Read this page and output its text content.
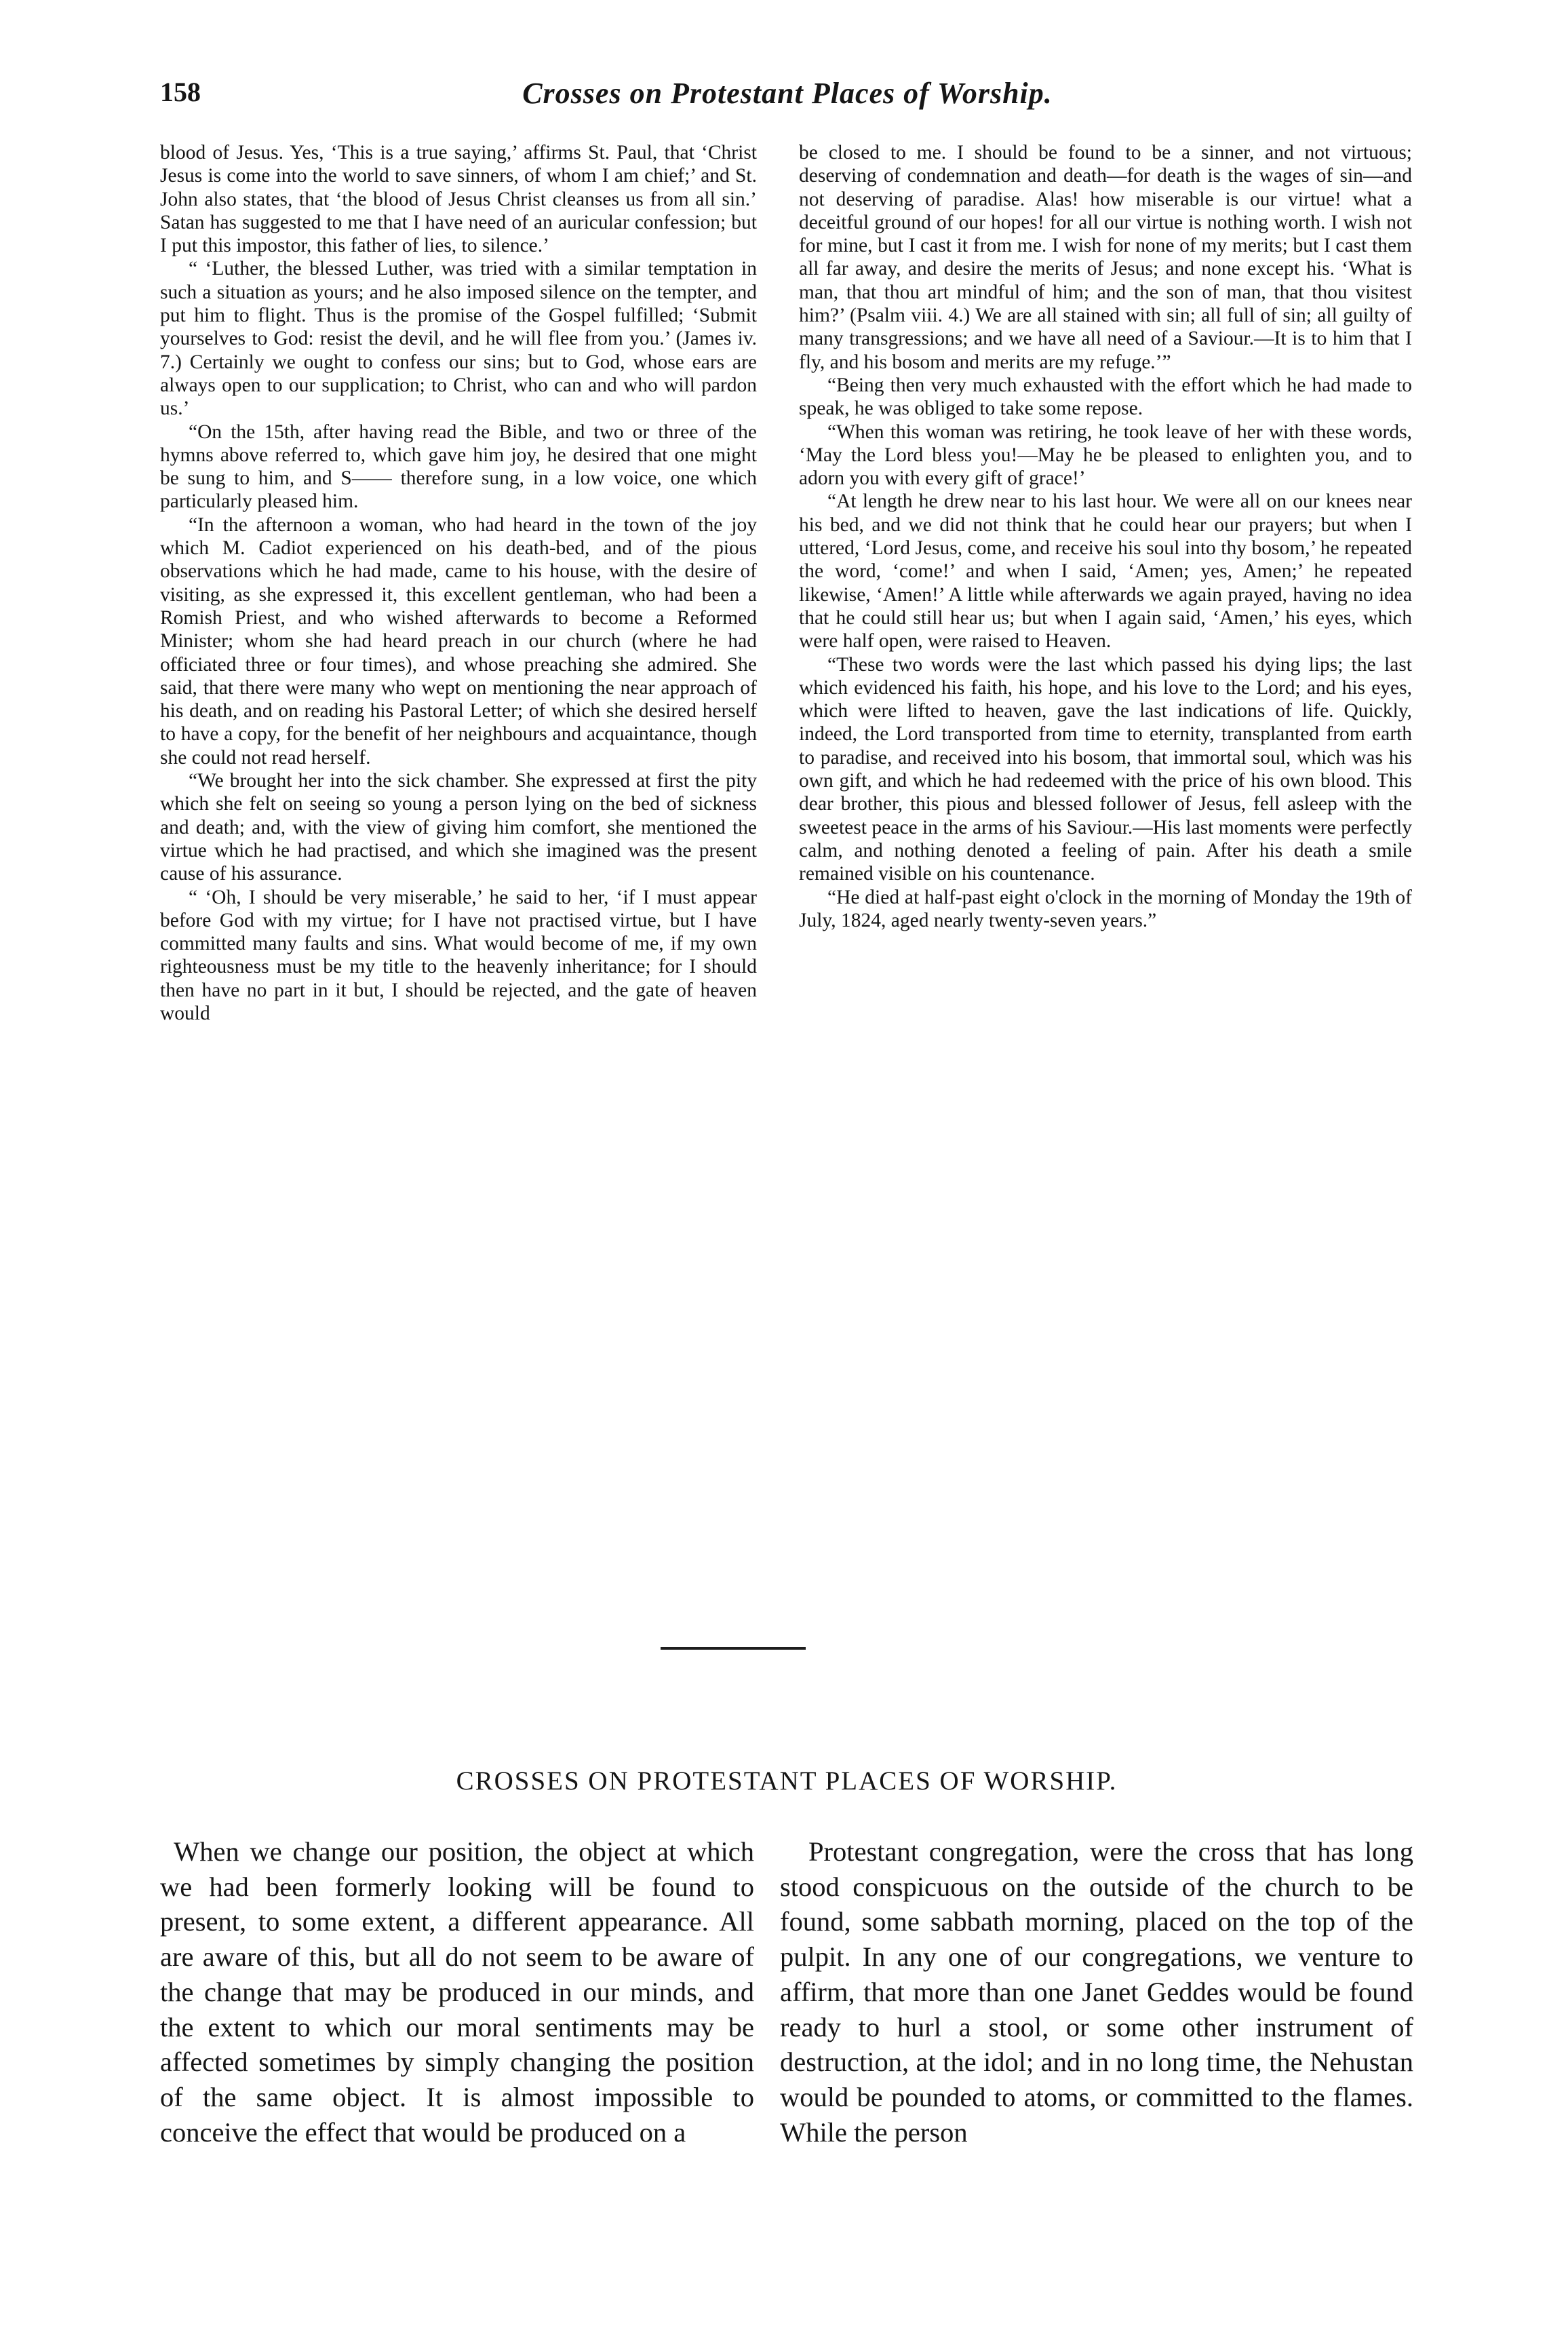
158	Crosses on Protestant Places of Worship.

blood of Jesus. Yes, ‘This is a true saying,’ affirms St. Paul, that ‘Christ Jesus is come into the world to save sinners, of whom I am chief;’ and St. John also states, that ‘the blood of Jesus Christ cleanses us from all sin.’ Satan has suggested to me that I have need of an auricular confession; but I put this impostor, this father of lies, to silence.’

“ ‘Luther, the blessed Luther, was tried with a similar temptation in such a situation as yours; and he also imposed silence on the tempter, and put him to flight. Thus is the promise of the Gospel fulfilled; ‘Submit yourselves to God: resist the devil, and he will flee from you.’ (James iv. 7.) Certainly we ought to confess our sins; but to God, whose ears are always open to our supplication; to Christ, who can and who will pardon us.’

“On the 15th, after having read the Bible, and two or three of the hymns above referred to, which gave him joy, he desired that one might be sung to him, and S—— therefore sung, in a low voice, one which particularly pleased him.

“In the afternoon a woman, who had heard in the town of the joy which M. Cadiot experienced on his death-bed, and of the pious observations which he had made, came to his house, with the desire of visiting, as she expressed it, this excellent gentleman, who had been a Romish Priest, and who wished afterwards to become a Reformed Minister; whom she had heard preach in our church (where he had officiated three or four times), and whose preaching she admired. She said, that there were many who wept on mentioning the near approach of his death, and on reading his Pastoral Letter; of which she desired herself to have a copy, for the benefit of her neighbours and acquaintance, though she could not read herself.

“We brought her into the sick chamber. She expressed at first the pity which she felt on seeing so young a person lying on the bed of sickness and death; and, with the view of giving him comfort, she mentioned the virtue which he had practised, and which she imagined was the present cause of his assurance.

“ ‘Oh, I should be very miserable,’ he said to her, ‘if I must appear before God with my virtue; for I have not practised virtue, but I have committed many faults and sins. What would become of me, if my own righteousness must be my title to the heavenly inheritance; for I should then have no part in it but, I should be rejected, and the gate of heaven would

be closed to me. I should be found to be a sinner, and not virtuous; deserving of condemnation and death—for death is the wages of sin—and not deserving of paradise. Alas! how miserable is our virtue! what a deceitful ground of our hopes! for all our virtue is nothing worth. I wish not for mine, but I cast it from me. I wish for none of my merits; but I cast them all far away, and desire the merits of Jesus; and none except his. ‘What is man, that thou art mindful of him; and the son of man, that thou visitest him?’ (Psalm viii. 4.) We are all stained with sin; all full of sin; all guilty of many transgressions; and we have all need of a Saviour.—It is to him that I fly, and his bosom and merits are my refuge.’”

“Being then very much exhausted with the effort which he had made to speak, he was obliged to take some repose.

“When this woman was retiring, he took leave of her with these words, ‘May the Lord bless you!—May he be pleased to enlighten you, and to adorn you with every gift of grace!’

“At length he drew near to his last hour. We were all on our knees near his bed, and we did not think that he could hear our prayers; but when I uttered, ‘Lord Jesus, come, and receive his soul into thy bosom,’ he repeated the word, ‘come!’ and when I said, ‘Amen; yes, Amen;’ he repeated likewise, ‘Amen!’ A little while afterwards we again prayed, having no idea that he could still hear us; but when I again said, ‘Amen,’ his eyes, which were half open, were raised to Heaven.

“These two words were the last which passed his dying lips; the last which evidenced his faith, his hope, and his love to the Lord; and his eyes, which were lifted to heaven, gave the last indications of life. Quickly, indeed, the Lord transported from time to eternity, transplanted from earth to paradise, and received into his bosom, that immortal soul, which was his own gift, and which he had redeemed with the price of his own blood. This dear brother, this pious and blessed follower of Jesus, fell asleep with the sweetest peace in the arms of his Saviour.—His last moments were perfectly calm, and nothing denoted a feeling of pain. After his death a smile remained visible on his countenance.

“He died at half-past eight o'clock in the morning of Monday the 19th of July, 1824, aged nearly twenty-seven years.”

CROSSES ON PROTESTANT PLACES OF WORSHIP.

When we change our position, the object at which we had been formerly looking will be found to present, to some extent, a different appearance. All are aware of this, but all do not seem to be aware of the change that may be produced in our minds, and the extent to which our moral sentiments may be affected sometimes by simply changing the position of the same object. It is almost impossible to conceive the effect that would be produced on a

Protestant congregation, were the cross that has long stood conspicuous on the outside of the church to be found, some sabbath morning, placed on the top of the pulpit. In any one of our congregations, we venture to affirm, that more than one Janet Geddes would be found ready to hurl a stool, or some other instrument of destruction, at the idol; and in no long time, the Nehustan would be pounded to atoms, or committed to the flames. While the person
